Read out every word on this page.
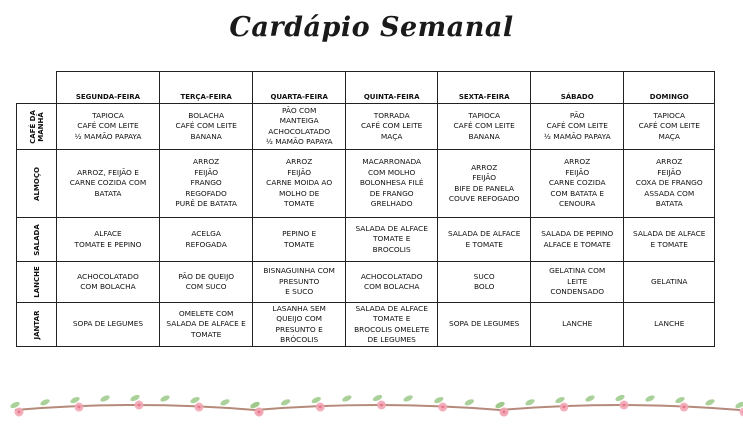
Cardápio Semanal
	SEGUNDA-FEIRA	TERÇA-FEIRA	QUARTA-FEIRA	QUINTA-FEIRA	SEXTA-FEIRA	SÁBADO	DOMINGO

CAFÉ DA MANHÃ	TAPIOCA
CAFÉ COM LEITE
½ MAMÃO PAPAYA	BOLACHA
CAFÉ COM LEITE
BANANA	PÃO COM
MANTEIGA
ACHOCOLATADO
½ MAMÃO PAPAYA	TORRADA
CAFÉ COM LEITE
MAÇA	TAPIOCA
CAFÉ COM LEITE
BANANA	PÃO
CAFÉ COM LEITE
½ MAMÃO PAPAYA	TAPIOCA
CAFÉ COM LEITE
MAÇA

ALMOÇO	ARROZ, FEIJÃO E
CARNE COZIDA COM
BATATA	ARROZ
FEIJÃO
FRANGO
REGOFADO
PURÊ DE BATATA	ARROZ
FEIJÃO
CARNE MOIDA AO
MOLHO DE
TOMATE	MACARRONADA
COM MOLHO
BOLONHESA FILÉ
DE FRANGO
GRELHADO	ARROZ
FEIJÃO
BIFE DE PANELA
COUVE REFOGADO	ARROZ
FEIJÃO
CARNE COZIDA
COM BATATA E
CENOURA	ARROZ
FEIJÃO
COXA DE FRANGO
ASSADA COM
BATATA

SALADA	ALFACE
TOMATE E PEPINO	ACELGA
REFOGADA	PEPINO E
TOMATE	SALADA DE ALFACE
TOMATE E
BROCOLIS	SALADA DE ALFACE
E TOMATE	SALADA DE PEPINO
ALFACE E TOMATE	SALADA DE ALFACE
E TOMATE

LANCHE	ACHOCOLATADO
COM BOLACHA	PÃO DE QUEIJO
COM SUCO	BISNAGUINHA COM
PRESUNTO
E SUCO	ACHOCOLATADO
COM BOLACHA	SUCO
BOLO	GELATINA COM
LEITE
CONDENSADO	GELATINA

JANTAR	SOPA DE LEGUMES	OMELETE COM
SALADA DE ALFACE E
TOMATE	LASANHA SEM
QUEIJO COM
PRESUNTO E
BRÓCOLIS	SALADA DE ALFACE
TOMATE E
BROCOLIS OMELETE
DE LEGUMES	SOPA DE LEGUMES	LANCHE	LANCHE
